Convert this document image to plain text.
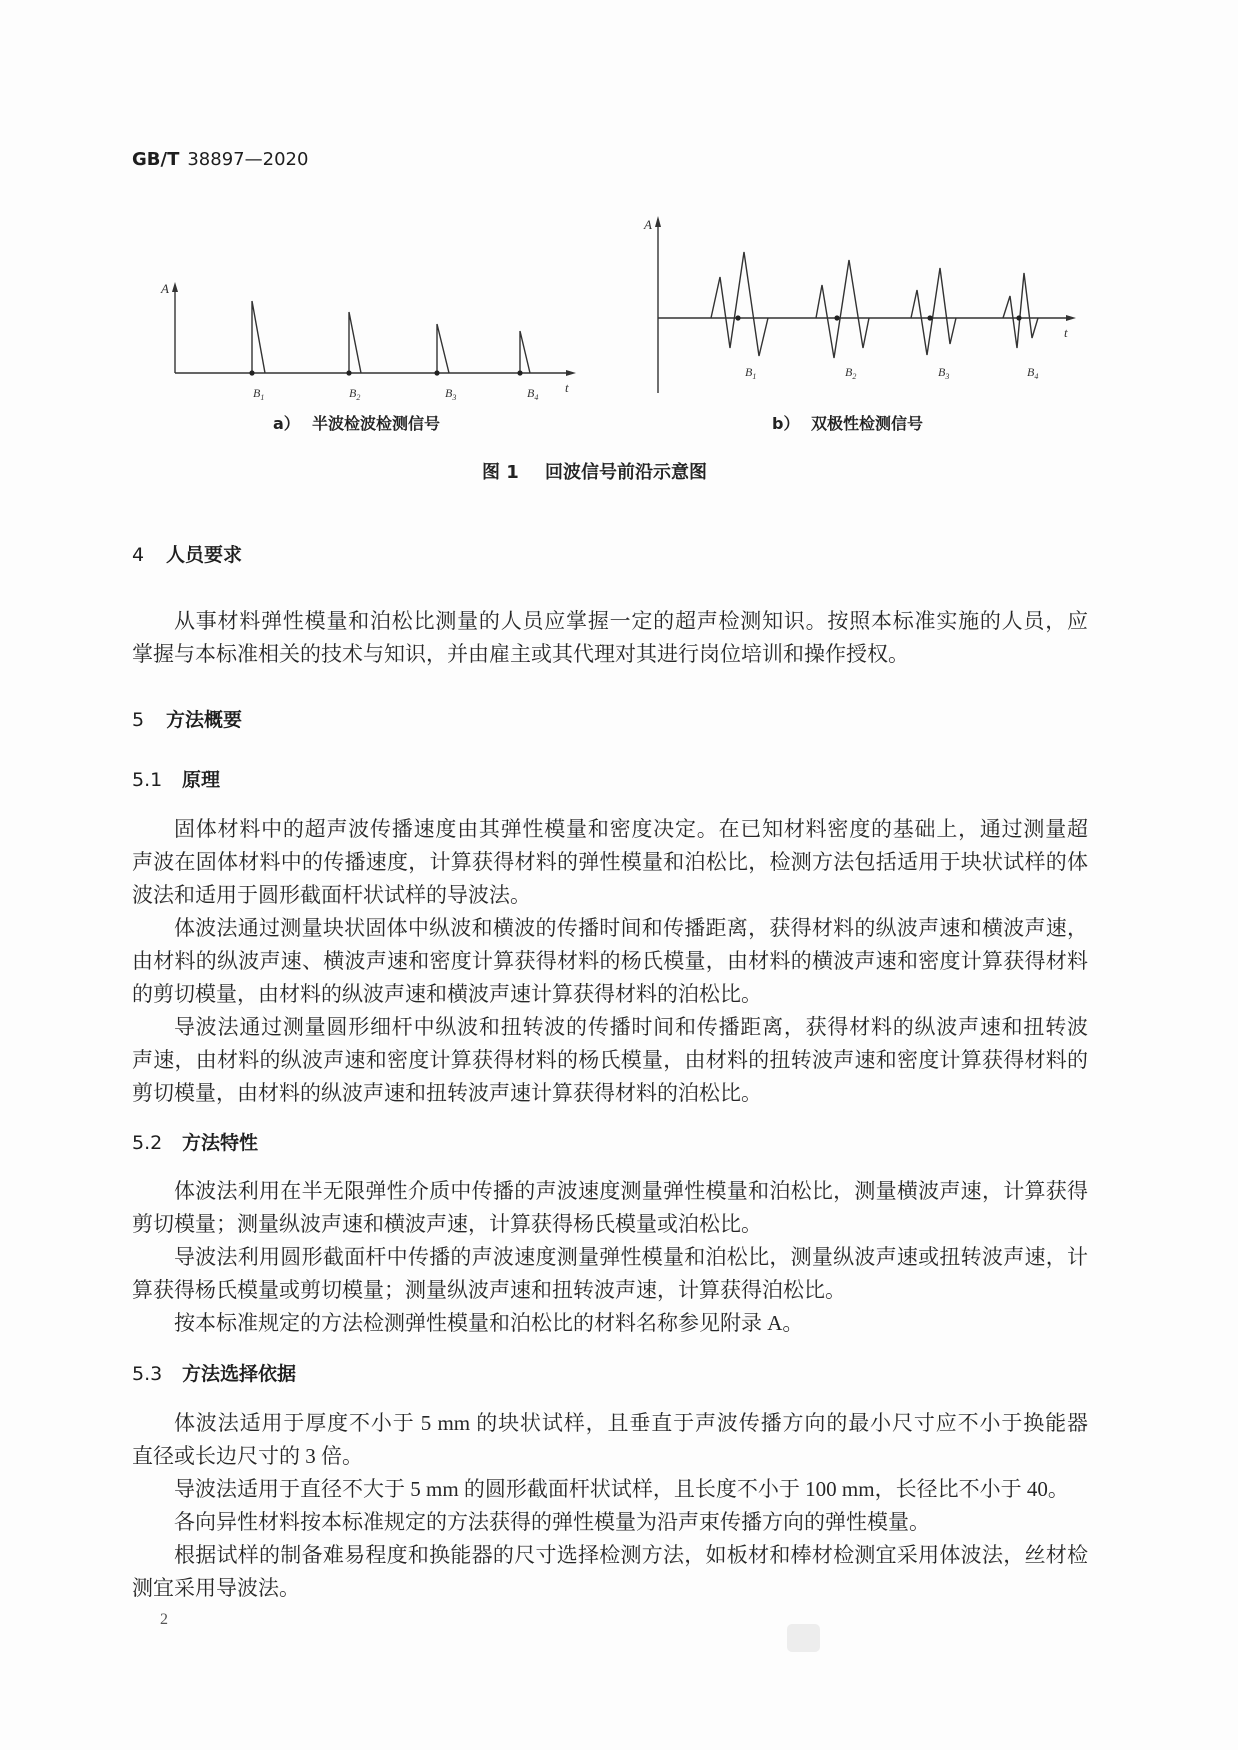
GB/T 38897—2020
A
t
$B_1$	$B_2$	$B_3$	$B_4$
A
t
$B_1$	$B_2$	$B_3$	$B_4$
a） 半波检波检测信号	b） 双极性检测信号
图 1 回波信号前沿示意图
4 人员要求
从事材料弹性模量和泊松比测量的人员应掌握一定的超声检测知识。按照本标准实施的人员，应
掌握与本标准相关的技术与知识，并由雇主或其代理对其进行岗位培训和操作授权。
5 方法概要
5.1 原理
固体材料中的超声波传播速度由其弹性模量和密度决定。在已知材料密度的基础上，通过测量超
声波在固体材料中的传播速度，计算获得材料的弹性模量和泊松比，检测方法包括适用于块状试样的体
波法和适用于圆形截面杆状试样的导波法。
体波法通过测量块状固体中纵波和横波的传播时间和传播距离，获得材料的纵波声速和横波声速，
由材料的纵波声速、横波声速和密度计算获得材料的杨氏模量，由材料的横波声速和密度计算获得材料
的剪切模量，由材料的纵波声速和横波声速计算获得材料的泊松比。
导波法通过测量圆形细杆中纵波和扭转波的传播时间和传播距离，获得材料的纵波声速和扭转波
声速，由材料的纵波声速和密度计算获得材料的杨氏模量，由材料的扭转波声速和密度计算获得材料的
剪切模量，由材料的纵波声速和扭转波声速计算获得材料的泊松比。
5.2 方法特性
体波法利用在半无限弹性介质中传播的声波速度测量弹性模量和泊松比，测量横波声速，计算获得
剪切模量；测量纵波声速和横波声速，计算获得杨氏模量或泊松比。
导波法利用圆形截面杆中传播的声波速度测量弹性模量和泊松比，测量纵波声速或扭转波声速，计
算获得杨氏模量或剪切模量；测量纵波声速和扭转波声速，计算获得泊松比。
按本标准规定的方法检测弹性模量和泊松比的材料名称参见附录 A。
5.3 方法选择依据
体波法适用于厚度不小于 5 mm 的块状试样，且垂直于声波传播方向的最小尺寸应不小于换能器
直径或长边尺寸的 3 倍。
导波法适用于直径不大于 5 mm 的圆形截面杆状试样，且长度不小于 100 mm，长径比不小于 40。
各向异性材料按本标准规定的方法获得的弹性模量为沿声束传播方向的弹性模量。
根据试样的制备难易程度和换能器的尺寸选择检测方法，如板材和棒材检测宜采用体波法，丝材检
测宜采用导波法。
2
